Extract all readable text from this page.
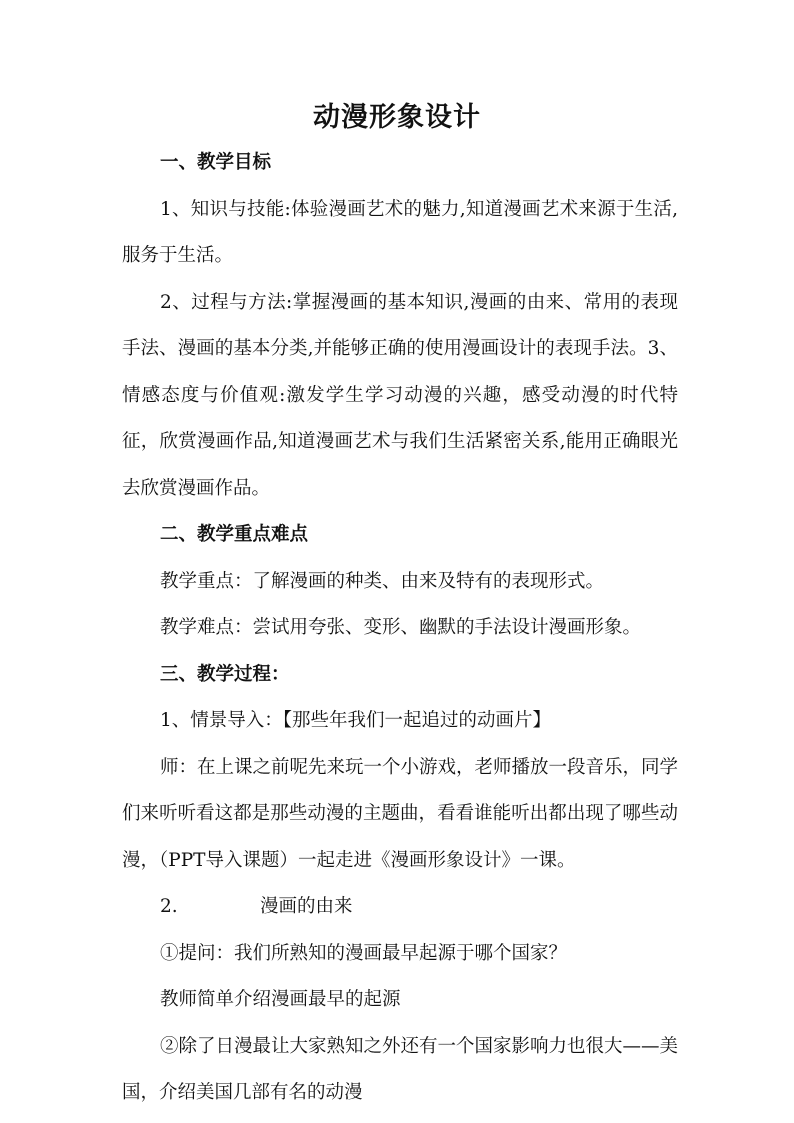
动漫形象设计

一、教学目标

1、知识与技能:体验漫画艺术的魅力,知道漫画艺术来源于生活,服务于生活。

2、过程与方法:掌握漫画的基本知识,漫画的由来、常用的表现手法、漫画的基本分类,并能够正确的使用漫画设计的表现手法。3、情感态度与价值观:激发学生学习动漫的兴趣，感受动漫的时代特征，欣赏漫画作品,知道漫画艺术与我们生活紧密关系,能用正确眼光去欣赏漫画作品。

二、教学重点难点

教学重点：了解漫画的种类、由来及特有的表现形式。

教学难点：尝试用夸张、变形、幽默的手法设计漫画形象。

三、教学过程：

1、情景导入：【那些年我们一起追过的动画片】

师：在上课之前呢先来玩一个小游戏，老师播放一段音乐，同学们来听听看这都是那些动漫的主题曲，看看谁能听出都出现了哪些动漫，（PPT导入课题）一起走进《漫画形象设计》一课。

2.	漫画的由来

①提问：我们所熟知的漫画最早起源于哪个国家？

教师简单介绍漫画最早的起源

②除了日漫最让大家熟知之外还有一个国家影响力也很大——美国，介绍美国几部有名的动漫
